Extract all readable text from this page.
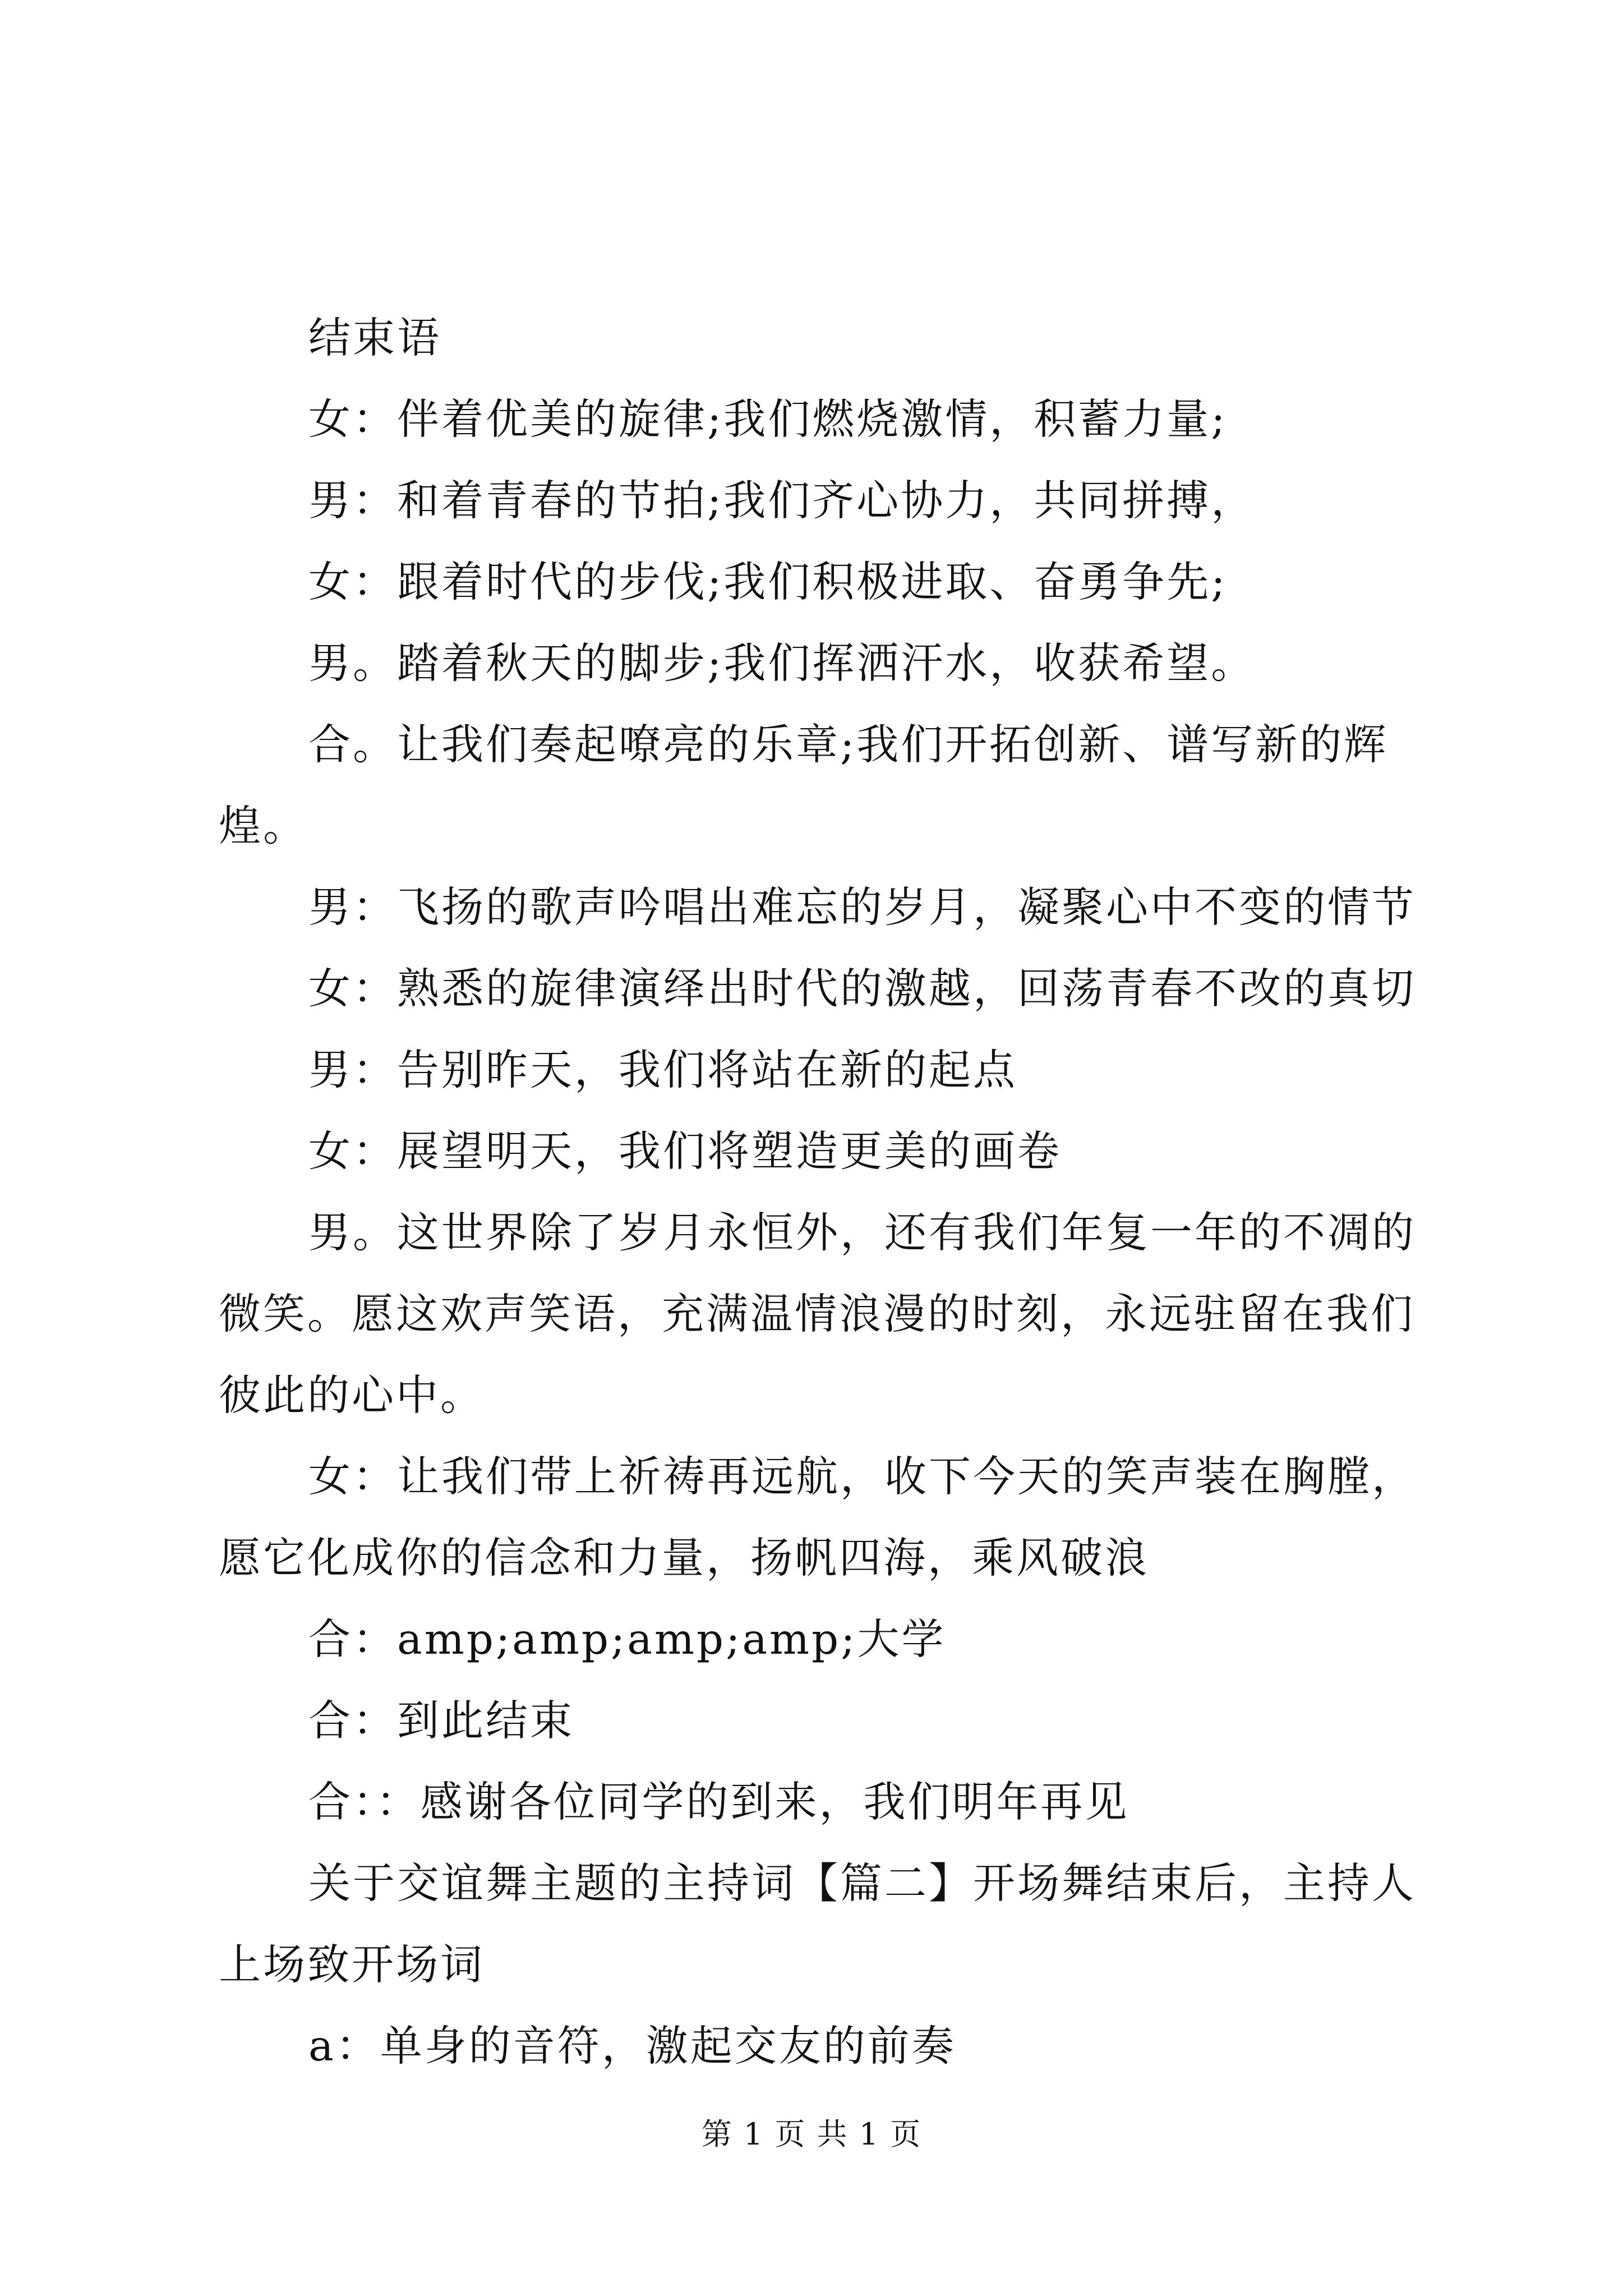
结束语

女：伴着优美的旋律;我们燃烧激情，积蓄力量;

男：和着青春的节拍;我们齐心协力，共同拼搏，

女：跟着时代的步伐;我们积极进取、奋勇争先;

男。踏着秋天的脚步;我们挥洒汗水，收获希望。

合。让我们奏起嘹亮的乐章;我们开拓创新、谱写新的辉煌。

男：飞扬的歌声吟唱出难忘的岁月，凝聚心中不变的情节

女：熟悉的旋律演绎出时代的激越，回荡青春不改的真切

男：告别昨天，我们将站在新的起点

女：展望明天，我们将塑造更美的画卷

男。这世界除了岁月永恒外，还有我们年复一年的不凋的微笑。愿这欢声笑语，充满温情浪漫的时刻，永远驻留在我们彼此的心中。

女：让我们带上祈祷再远航，收下今天的笑声装在胸膛，愿它化成你的信念和力量，扬帆四海，乘风破浪

合：amp;amp;amp;amp;大学

合：到此结束

合：：感谢各位同学的到来，我们明年再见

关于交谊舞主题的主持词【篇二】开场舞结束后，主持人上场致开场词

a：单身的音符，激起交友的前奏

第 1 页 共 1 页
